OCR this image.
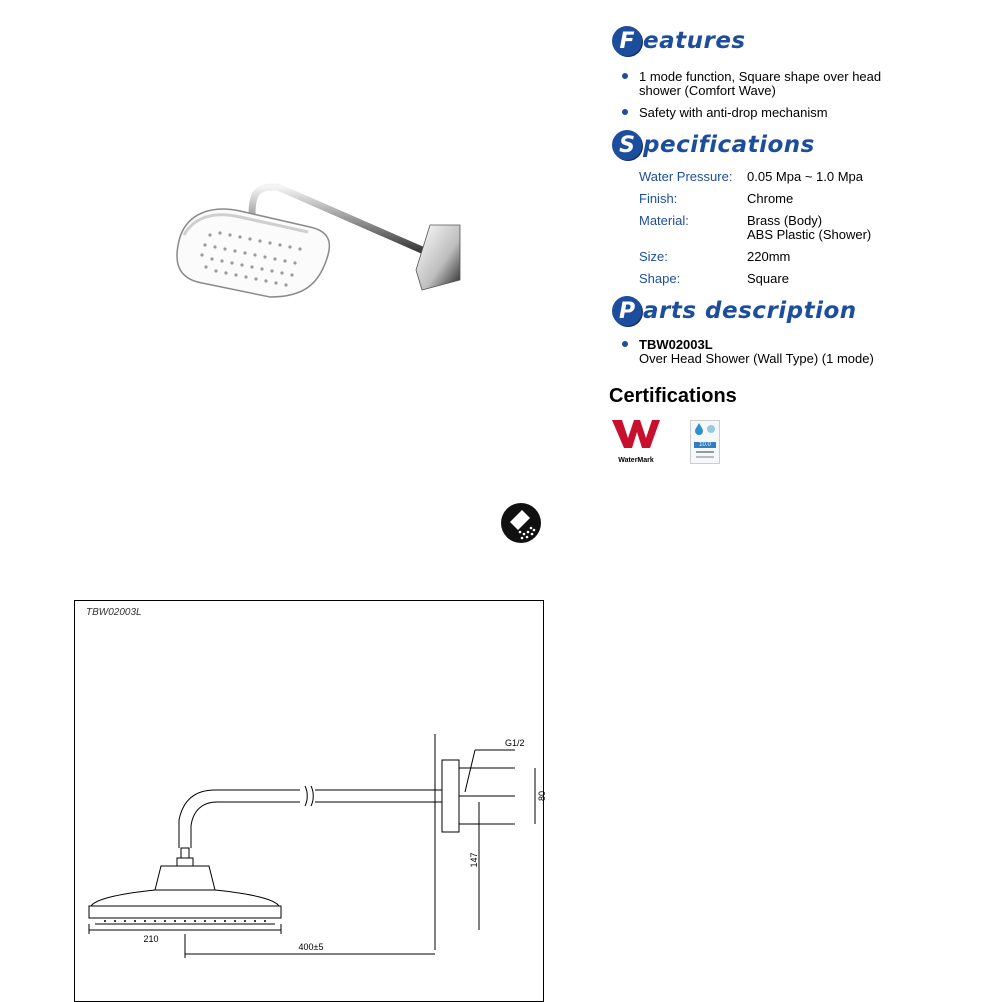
F eatures
1 mode function, Square shape over head shower (Comfort Wave)
Safety with anti-drop mechanism
S pecifications
Water Pressure:	0.05 Mpa ~ 1.0 Mpa
Finish:	Chrome
Material:	Brass (Body)
ABS Plastic (Shower)
Size:	220mm
Shape:	Square
P arts description
TBW02003L
Over Head Shower (Wall Type) (1 mode)
Certifications
WaterMark
10.0
TBW02003L
G1/2
80
147
210
400±5
